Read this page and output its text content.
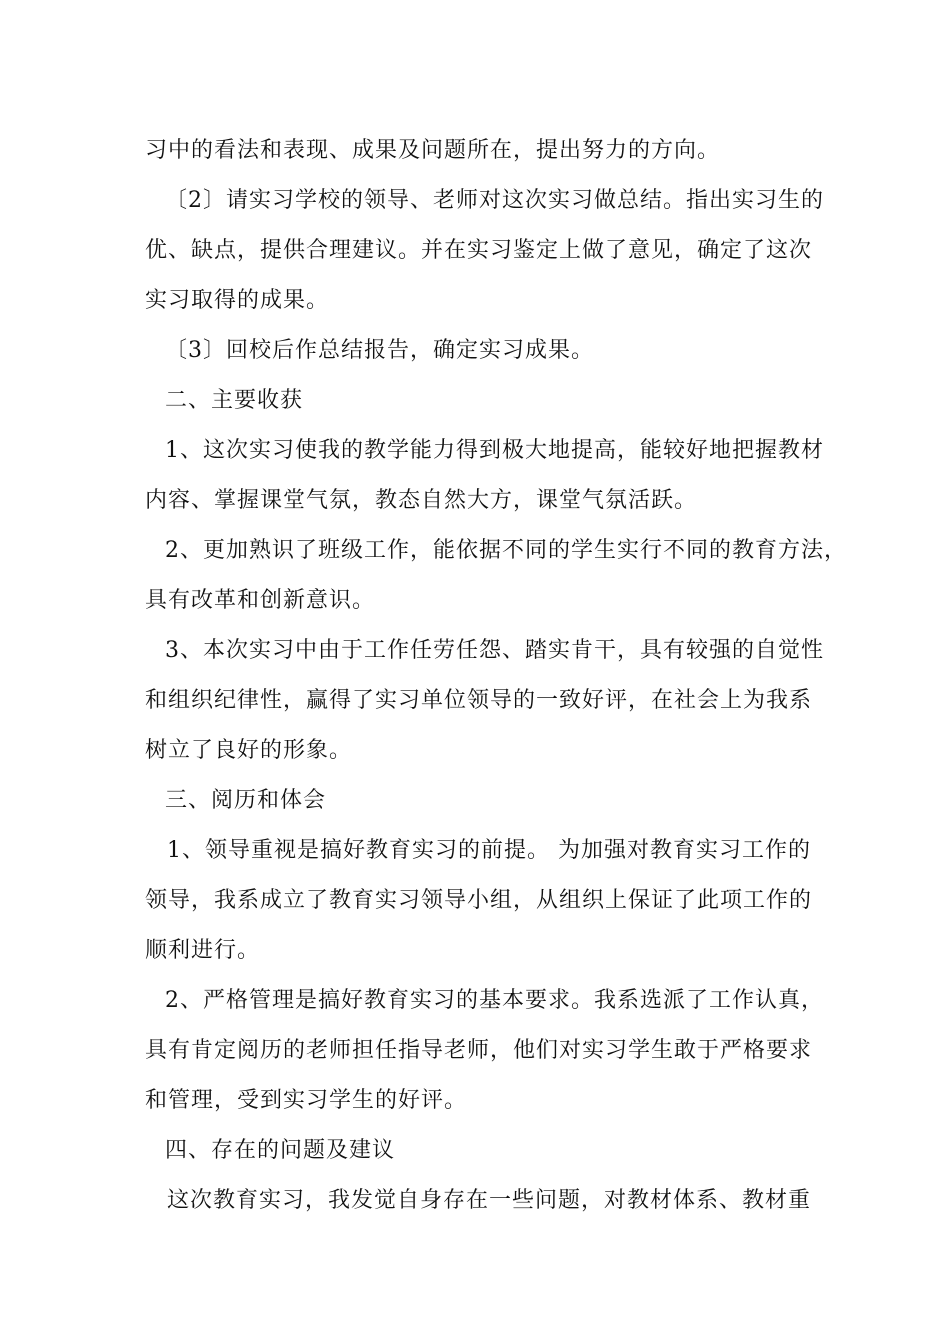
习中的看法和表现、成果及问题所在，提出努力的方向。
〔2〕请实习学校的领导、老师对这次实习做总结。指出实习生的
优、缺点，提供合理建议。并在实习鉴定上做了意见，确定了这次
实习取得的成果。
〔3〕回校后作总结报告，确定实习成果。
二、主要收获
1、这次实习使我的教学能力得到极大地提高，能较好地把握教材
内容、掌握课堂气氛，教态自然大方，课堂气氛活跃。
2、更加熟识了班级工作，能依据不同的学生实行不同的教育方法，
具有改革和创新意识。
3、本次实习中由于工作任劳任怨、踏实肯干，具有较强的自觉性
和组织纪律性，赢得了实习单位领导的一致好评，在社会上为我系
树立了良好的形象。
三、阅历和体会
1、领导重视是搞好教育实习的前提。 为加强对教育实习工作的
领导，我系成立了教育实习领导小组，从组织上保证了此项工作的
顺利进行。
2、严格管理是搞好教育实习的基本要求。我系选派了工作认真，
具有肯定阅历的老师担任指导老师，他们对实习学生敢于严格要求
和管理，受到实习学生的好评。
四、存在的问题及建议
这次教育实习，我发觉自身存在一些问题，对教材体系、教材重
